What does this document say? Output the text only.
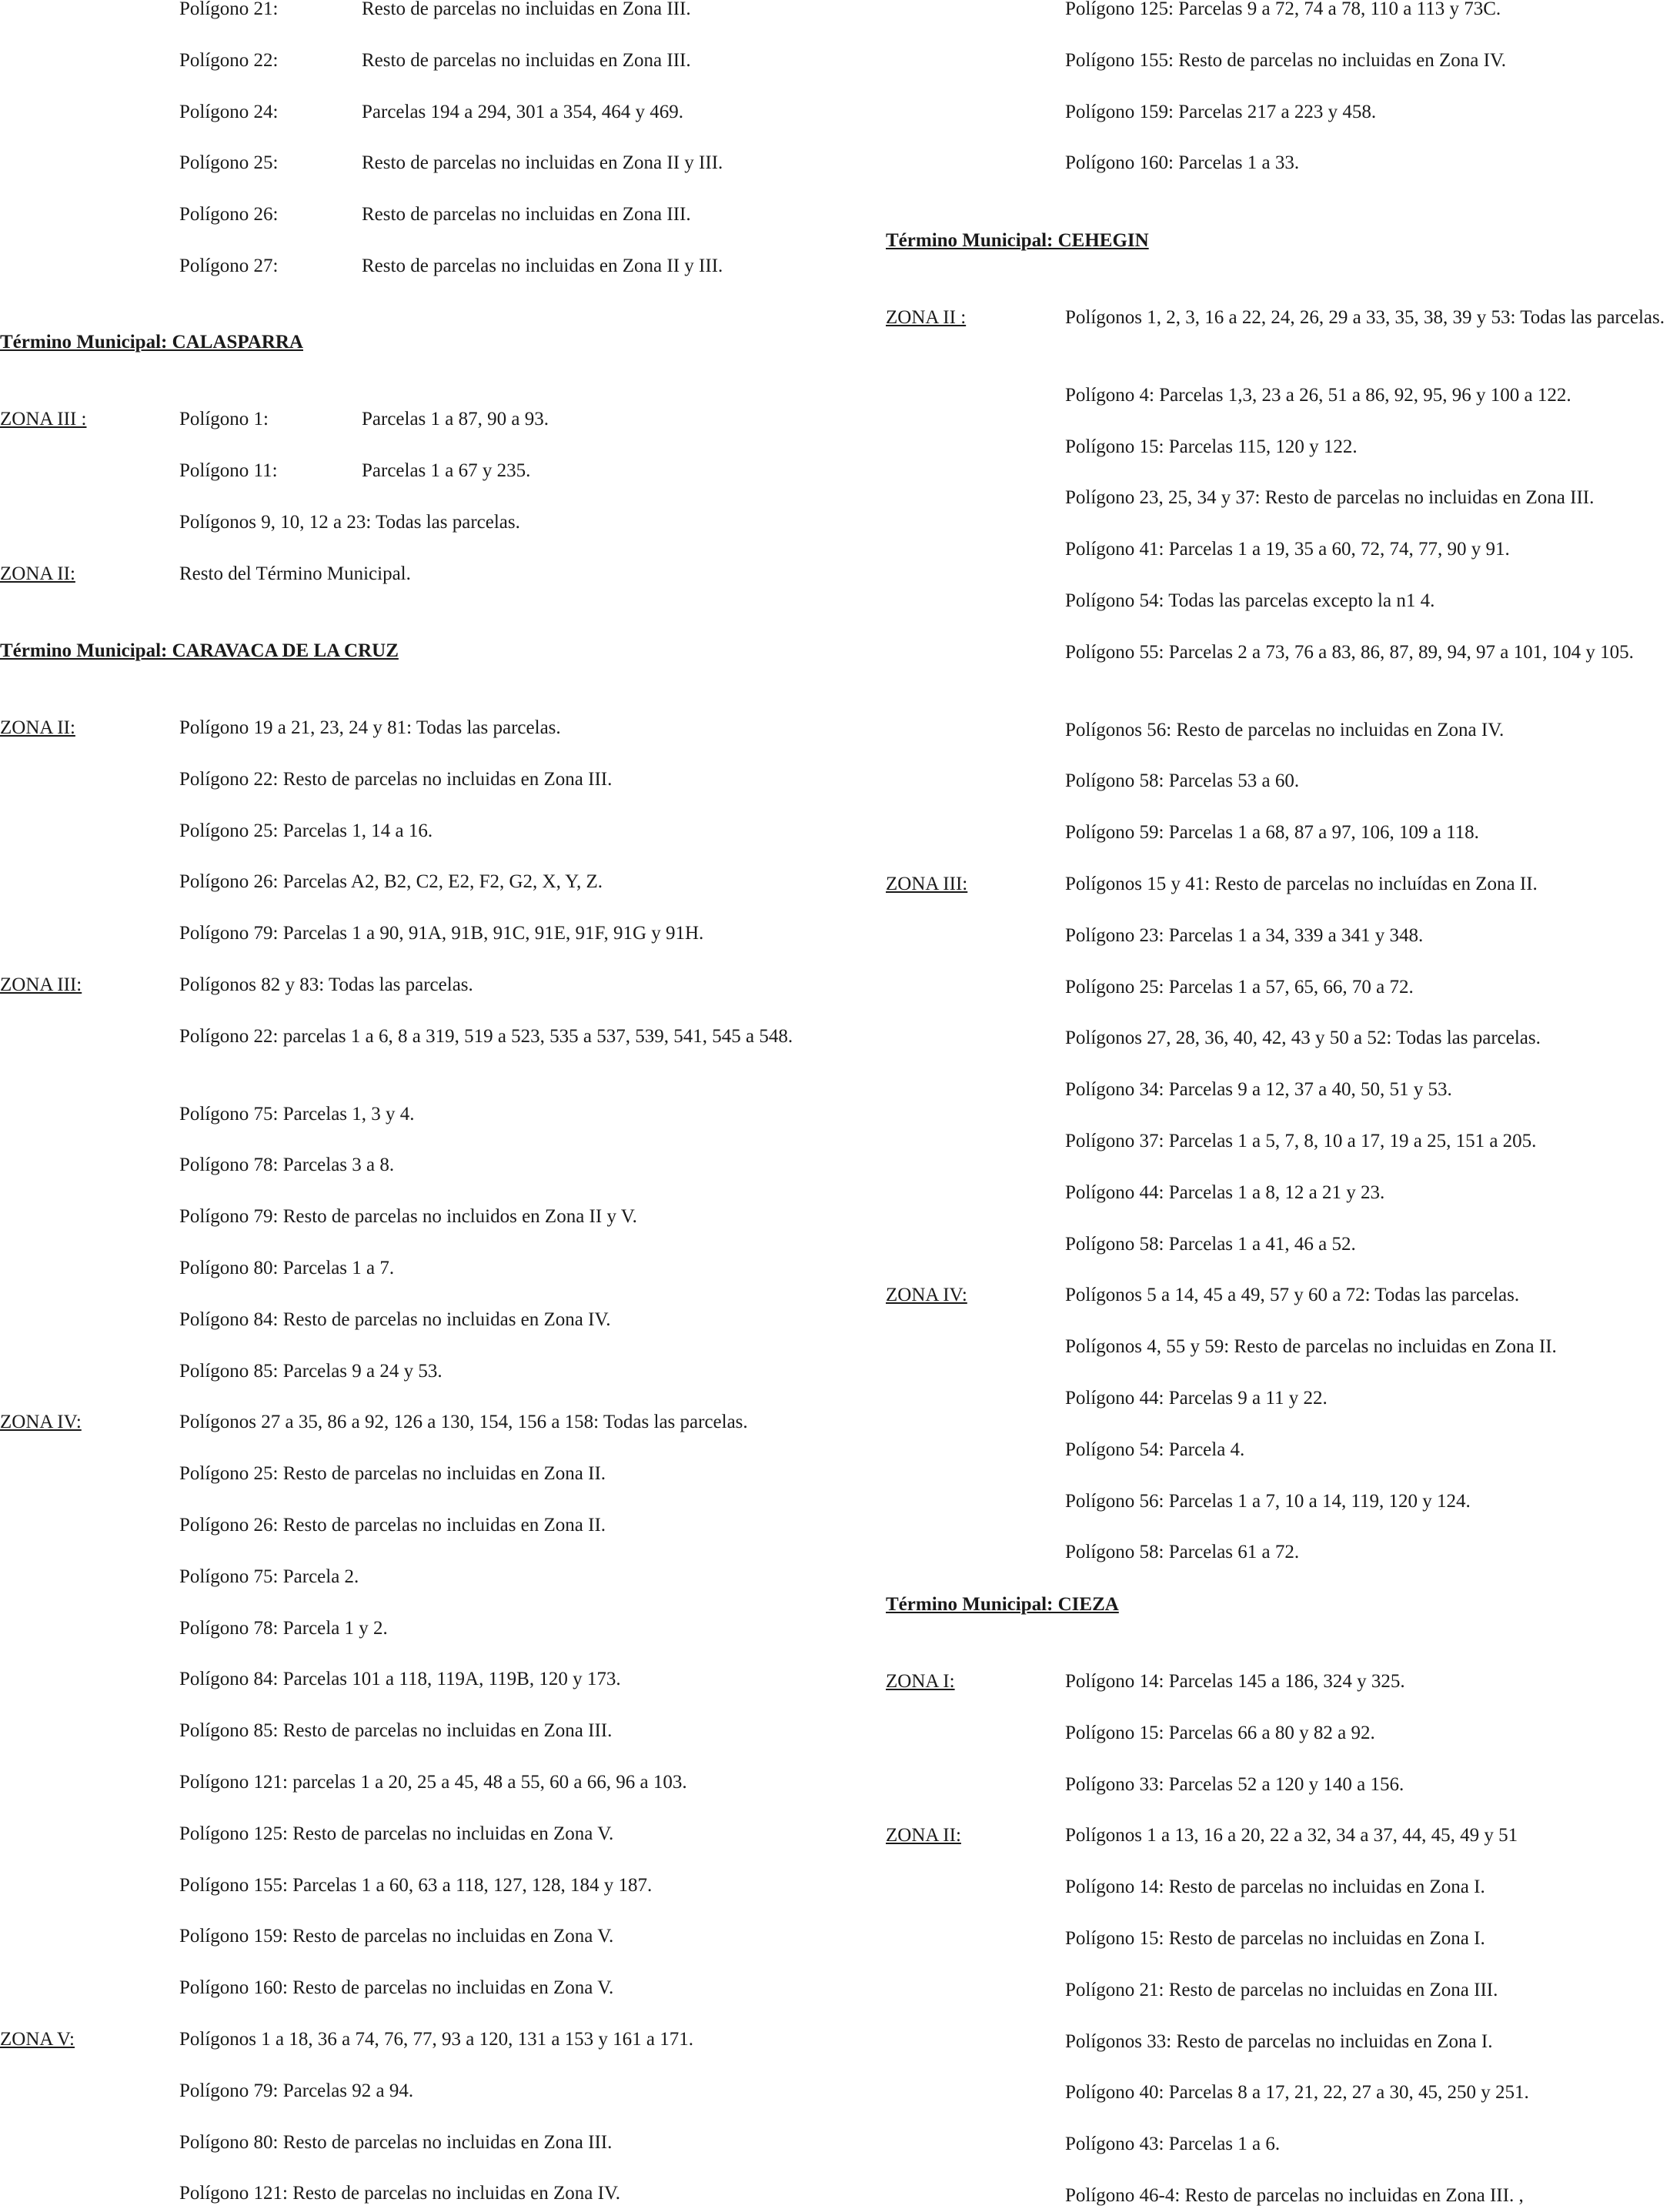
Polígono 21:	Resto de parcelas no incluidas en Zona III.
Polígono 22:	Resto de parcelas no incluidas en Zona III.
Polígono 24:	Parcelas 194 a 294, 301 a 354, 464 y 469.
Polígono 25:	Resto de parcelas no incluidas en Zona II y III.
Polígono 26:	Resto de parcelas no incluidas en Zona III.
Polígono 27:	Resto de parcelas no incluidas en Zona II y III.
Término Municipal: CALASPARRA
ZONA III :	Polígono 1:	Parcelas 1 a 87, 90 a 93.
Polígono 11:	Parcelas 1 a 67 y 235.
Polígonos 9, 10, 12 a 23: Todas las parcelas.
ZONA II:	Resto del Término Municipal.
Término Municipal: CARAVACA DE LA CRUZ
ZONA II:	Polígono 19 a 21, 23, 24 y 81: Todas las parcelas.
Polígono 22: Resto de parcelas no incluidas en Zona III.
Polígono 25: Parcelas 1, 14 a 16.
Polígono 26: Parcelas A2, B2, C2, E2, F2, G2, X, Y, Z.
Polígono 79: Parcelas 1 a 90, 91A, 91B, 91C, 91E, 91F, 91G y 91H.
ZONA III:	Polígonos 82 y 83: Todas las parcelas.
Polígono 22: parcelas 1 a 6, 8 a 319, 519 a 523, 535 a 537, 539, 541, 545 a 548.
Polígono 75: Parcelas 1, 3 y 4.
Polígono 78: Parcelas 3 a 8.
Polígono 79: Resto de parcelas no incluidos en Zona II y V.
Polígono 80: Parcelas 1 a 7.
Polígono 84: Resto de parcelas no incluidas en Zona IV.
Polígono 85: Parcelas 9 a 24 y 53.
ZONA IV:	Polígonos 27 a 35, 86 a 92, 126 a 130, 154, 156 a 158: Todas las parcelas.
Polígono 25: Resto de parcelas no incluidas en Zona II.
Polígono 26: Resto de parcelas no incluidas en Zona II.
Polígono 75: Parcela 2.
Polígono 78: Parcela 1 y 2.
Polígono 84: Parcelas 101 a 118, 119A, 119B, 120 y 173.
Polígono 85: Resto de parcelas no incluidas en Zona III.
Polígono 121: parcelas 1 a 20, 25 a 45, 48 a 55, 60 a 66, 96 a 103.
Polígono 125: Resto de parcelas no incluidas en Zona V.
Polígono 155: Parcelas 1 a 60, 63 a 118, 127, 128, 184 y 187.
Polígono 159: Resto de parcelas no incluidas en Zona V.
Polígono 160: Resto de parcelas no incluidas en Zona V.
ZONA V:	Polígonos 1 a 18, 36 a 74, 76, 77, 93 a 120, 131 a 153 y 161 a 171.
Polígono 79: Parcelas 92 a 94.
Polígono 80: Resto de parcelas no incluidas en Zona III.
Polígono 121: Resto de parcelas no incluidas en Zona IV.
Polígono 125: Parcelas 9 a 72, 74 a 78, 110 a 113 y 73C.
Polígono 155: Resto de parcelas no incluidas en Zona IV.
Polígono 159: Parcelas 217 a 223 y 458.
Polígono 160: Parcelas 1 a 33.
Término Municipal: CEHEGIN
ZONA II :	Polígonos 1, 2, 3, 16 a 22, 24, 26, 29 a 33, 35, 38, 39 y 53: Todas las parcelas.
Polígono 4: Parcelas 1,3, 23 a 26, 51 a 86, 92, 95, 96 y 100 a 122.
Polígono 15: Parcelas 115, 120 y 122.
Polígono 23, 25, 34 y 37: Resto de parcelas no incluidas en Zona III.
Polígono 41: Parcelas 1 a 19, 35 a 60, 72, 74, 77, 90 y 91.
Polígono 54: Todas las parcelas excepto la n1 4.
Polígono 55: Parcelas 2 a 73, 76 a 83, 86, 87, 89, 94, 97 a 101, 104 y 105.
Polígonos 56: Resto de parcelas no incluidas en Zona IV.
Polígono 58: Parcelas 53 a 60.
Polígono 59: Parcelas 1 a 68, 87 a 97, 106, 109 a 118.
ZONA III:	Polígonos 15 y 41: Resto de parcelas no incluídas en Zona II.
Polígono 23: Parcelas 1 a 34, 339 a 341 y 348.
Polígono 25: Parcelas 1 a 57, 65, 66, 70 a 72.
Polígonos 27, 28, 36, 40, 42, 43 y 50 a 52: Todas las parcelas.
Polígono 34: Parcelas 9 a 12, 37 a 40, 50, 51 y 53.
Polígono 37: Parcelas 1 a 5, 7, 8, 10 a 17, 19 a 25, 151 a 205.
Polígono 44: Parcelas 1 a 8, 12 a 21 y 23.
Polígono 58: Parcelas 1 a 41, 46 a 52.
ZONA IV:	Polígonos 5 a 14, 45 a 49, 57 y 60 a 72: Todas las parcelas.
Polígonos 4, 55 y 59: Resto de parcelas no incluidas en Zona II.
Polígono 44: Parcelas 9 a 11 y 22.
Polígono 54: Parcela 4.
Polígono 56: Parcelas 1 a 7, 10 a 14, 119, 120 y 124.
Polígono 58: Parcelas 61 a 72.
Término Municipal: CIEZA
ZONA I:	Polígono 14: Parcelas 145 a 186, 324 y 325.
Polígono 15: Parcelas 66 a 80 y 82 a 92.
Polígono 33: Parcelas 52 a 120 y 140 a 156.
ZONA II:	Polígonos 1 a 13, 16 a 20, 22 a 32, 34 a 37, 44, 45, 49 y 51
Polígono 14: Resto de parcelas no incluidas en Zona I.
Polígono 15: Resto de parcelas no incluidas en Zona I.
Polígono 21: Resto de parcelas no incluidas en Zona III.
Polígonos 33: Resto de parcelas no incluidas en Zona I.
Polígono 40: Parcelas 8 a 17, 21, 22, 27 a 30, 45, 250 y 251.
Polígono 43: Parcelas 1 a 6.
Polígono 46-4: Resto de parcelas no incluidas en Zona III. ,
